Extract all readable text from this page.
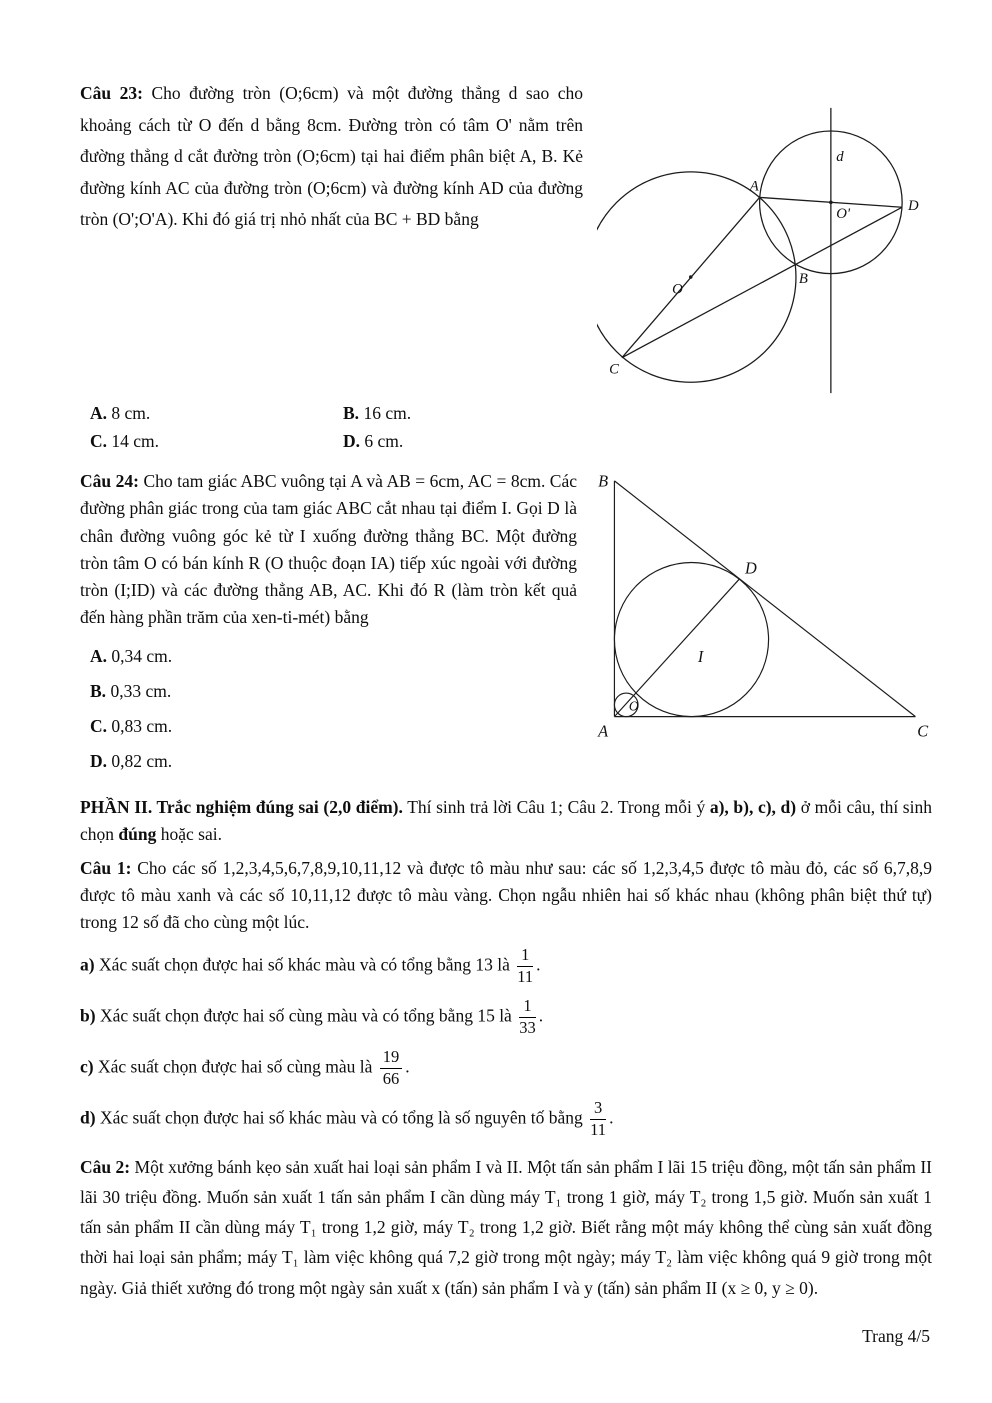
A
B
C
D
O
O'
d

Câu 23: Cho đường tròn (O;6cm) và một đường thẳng d sao cho khoảng cách từ O đến d bằng 8cm. Đường tròn có tâm O' nằm trên đường thẳng d cắt đường tròn (O;6cm) tại hai điểm phân biệt A, B. Kẻ đường kính AC của đường tròn (O;6cm) và đường kính AD của đường tròn (O';O'A). Khi đó giá trị nhỏ nhất của BC + BD bằng

A. 8 cm.	B. 16 cm.
C. 14 cm.	D. 6 cm.
B
D
I
O
A	C

Câu 24: Cho tam giác ABC vuông tại A và AB = 6cm, AC = 8cm. Các đường phân giác trong của tam giác ABC cắt nhau tại điểm I. Gọi D là chân đường vuông góc kẻ từ I xuống đường thẳng BC. Một đường tròn tâm O có bán kính R (O thuộc đoạn IA) tiếp xúc ngoài với đường tròn (I;ID) và các đường thẳng AB, AC. Khi đó R (làm tròn kết quả đến hàng phần trăm của xen-ti-mét) bằng

A. 0,34 cm.
B. 0,33 cm.
C. 0,83 cm.
D. 0,82 cm.

PHẦN II. Trắc nghiệm đúng sai (2,0 điểm). Thí sinh trả lời Câu 1; Câu 2. Trong mỗi ý a), b), c), d) ở mỗi câu, thí sinh chọn đúng hoặc sai.

Câu 1: Cho các số 1,2,3,4,5,6,7,8,9,10,11,12 và được tô màu như sau: các số 1,2,3,4,5 được tô màu đỏ, các số 6,7,8,9 được tô màu xanh và các số 10,11,12 được tô màu vàng. Chọn ngẫu nhiên hai số khác nhau (không phân biệt thứ tự) trong 12 số đã cho cùng một lúc.

a) Xác suất chọn được hai số khác màu và có tổng bằng 13 là $\frac{1}{11}$ .
b) Xác suất chọn được hai số cùng màu và có tổng bằng 15 là $\frac{1}{33}$ .
c) Xác suất chọn được hai số cùng màu là $\frac{19}{66}$ .
d) Xác suất chọn được hai số khác màu và có tổng là số nguyên tố bằng $\frac{3}{11}$ .

Câu 2: Một xưởng bánh kẹo sản xuất hai loại sản phẩm I và II. Một tấn sản phẩm I lãi 15 triệu đồng, một tấn sản phẩm II lãi 30 triệu đồng. Muốn sản xuất 1 tấn sản phẩm I cần dùng máy T₁ trong 1 giờ, máy T₂ trong 1,5 giờ. Muốn sản xuất 1 tấn sản phẩm II cần dùng máy T₁ trong 1,2 giờ, máy T₂ trong 1,2 giờ. Biết rằng một máy không thể cùng sản xuất đồng thời hai loại sản phẩm; máy T₁ làm việc không quá 7,2 giờ trong một ngày; máy T₂ làm việc không quá 9 giờ trong một ngày. Giả thiết xưởng đó trong một ngày sản xuất x (tấn) sản phẩm I và y (tấn) sản phẩm II (x ≥ 0, y ≥ 0).

Trang 4/5
